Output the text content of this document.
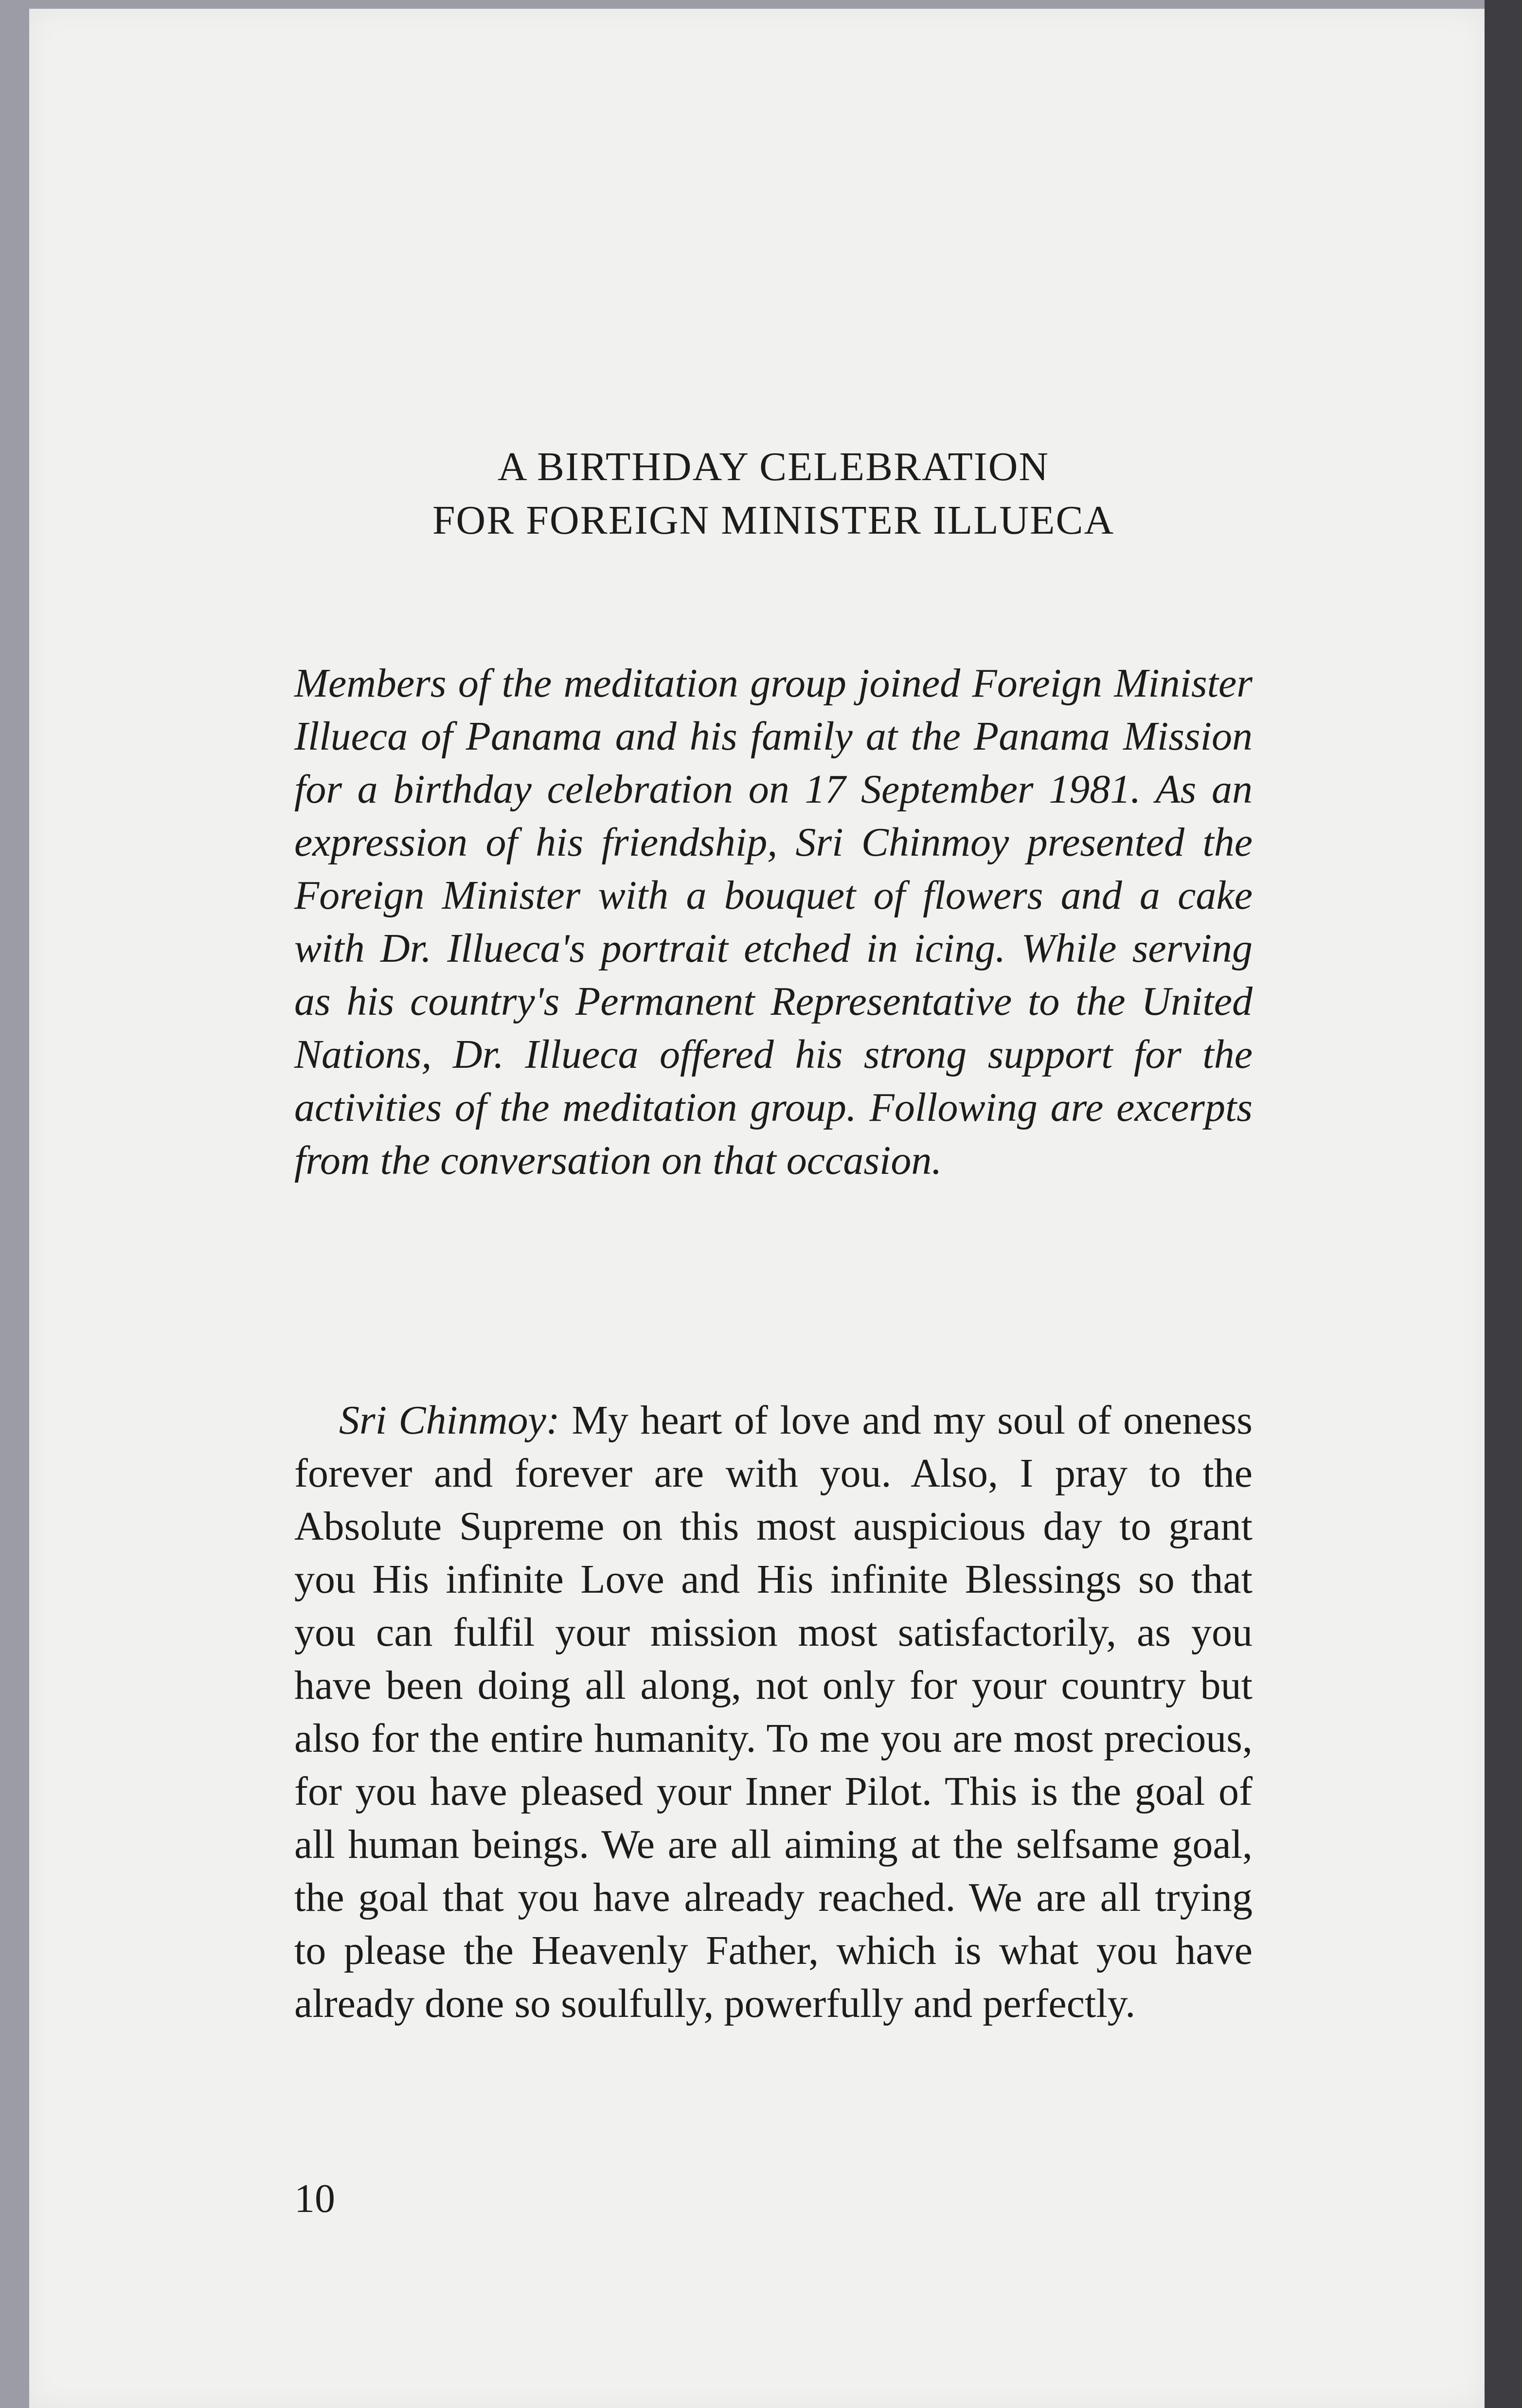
A BIRTHDAY CELEBRATION
FOR FOREIGN MINISTER ILLUECA

Members of the meditation group joined Foreign Minister Illueca of Panama and his family at the Panama Mission for a birthday celebration on 17 September 1981. As an expression of his friendship, Sri Chinmoy presented the Foreign Minister with a bouquet of flowers and a cake with Dr. Illueca's portrait etched in icing. While serving as his country's Permanent Representative to the United Nations, Dr. Illueca offered his strong support for the activities of the meditation group. Following are excerpts from the conversation on that occasion.

Sri Chinmoy: My heart of love and my soul of oneness forever and forever are with you. Also, I pray to the Absolute Supreme on this most auspicious day to grant you His infinite Love and His infinite Blessings so that you can fulfil your mission most satisfactorily, as you have been doing all along, not only for your country but also for the entire humanity. To me you are most precious, for you have pleased your Inner Pilot. This is the goal of all human beings. We are all aiming at the selfsame goal, the goal that you have already reached. We are all trying to please the Heavenly Father, which is what you have already done so soulfully, powerfully and perfectly.

10
